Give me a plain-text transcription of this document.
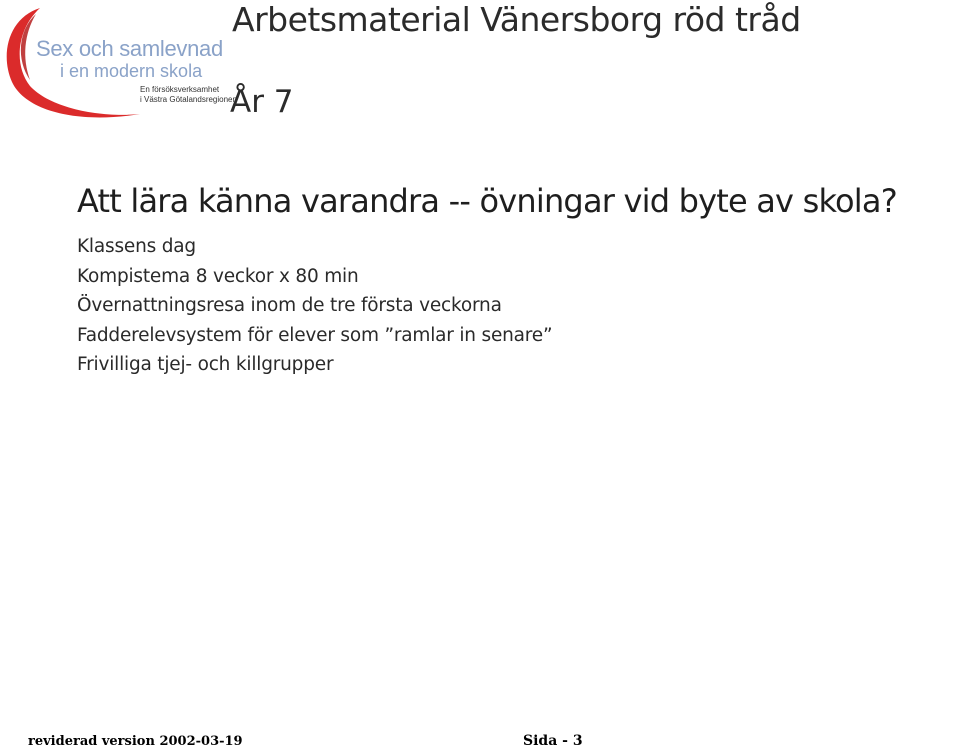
Sex och samlevnad
i en modern skola
En försöksverksamhet
i Västra Götalandsregionen
Arbetsmaterial Vänersborg röd tråd
År 7
Att lära känna varandra -- övningar vid byte av skola?
Klassens dag
Kompistema 8 veckor x 80 min
Övernattningsresa inom de tre första veckorna
Fadderelevsystem för elever som ”ramlar in senare”
Frivilliga tjej- och killgrupper
reviderad version 2002-03-19	Sida - 3
